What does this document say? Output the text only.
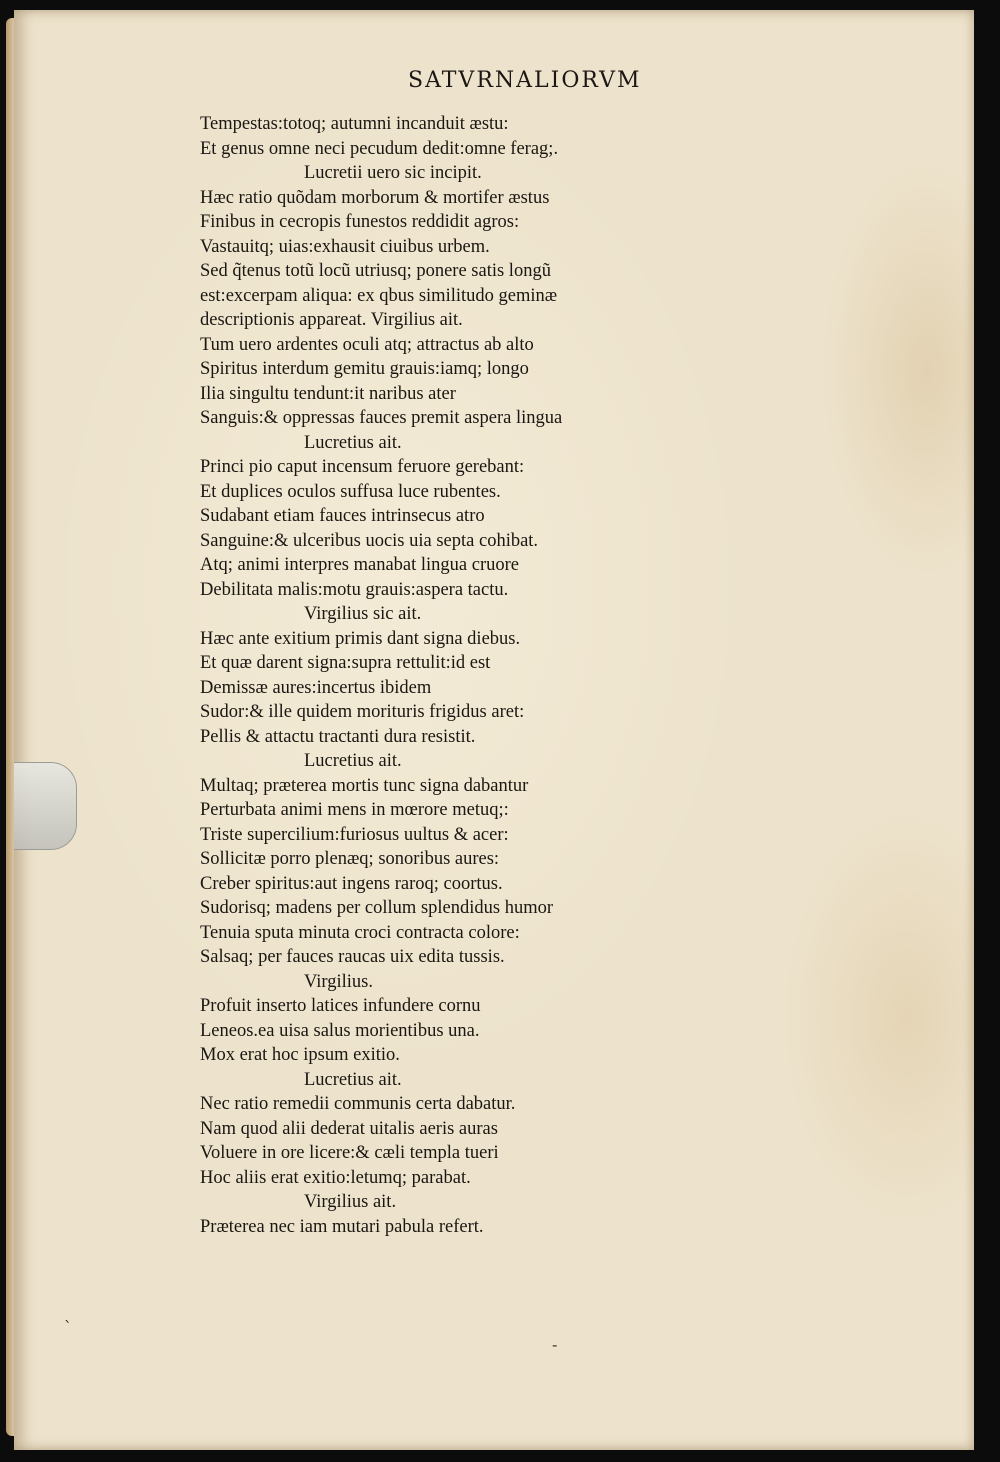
SATVRNALIORVM
Tempestas:totoq; autumni incanduit æstu:
Et genus omne neci pecudum dedit:omne ferag;.
Lucretii uero sic incipit.
Hæc ratio quõdam morborum & mortifer æstus
Finibus in cecropis funestos reddidit agros:
Vastauitq; uias:exhausit ciuibus urbem.
Sed q̃tenus totũ locũ utriusq; ponere satis longũ
est:excerpam aliqua: ex qbus similitudo geminæ
descriptionis appareat. Virgilius ait.
Tum uero ardentes oculi atq; attractus ab alto
Spiritus interdum gemitu grauis:iamq; longo
Ilia singultu tendunt:it naribus ater
Sanguis:& oppressas fauces premit aspera lingua
Lucretius ait.
Princi pio caput incensum feruore gerebant:
Et duplices oculos suffusa luce rubentes.
Sudabant etiam fauces intrinsecus atro
Sanguine:& ulceribus uocis uia septa cohibat.
Atq; animi interpres manabat lingua cruore
Debilitata malis:motu grauis:aspera tactu.
Virgilius sic ait.
Hæc ante exitium primis dant signa diebus.
Et quæ darent signa:supra rettulit:id est
Demissæ aures:incertus ibidem
Sudor:& ille quidem morituris frigidus aret:
Pellis & attactu tractanti dura resistit.
Lucretius ait.
Multaq; præterea mortis tunc signa dabantur
Perturbata animi mens in mœrore metuq;:
Triste supercilium:furiosus uultus & acer:
Sollicitæ porro plenæq; sonoribus aures:
Creber spiritus:aut ingens raroq; coortus.
Sudorisq; madens per collum splendidus humor
Tenuia sputa minuta croci contracta colore:
Salsaq; per fauces raucas uix edita tussis.
Virgilius.
Profuit inserto latices infundere cornu
Leneos.ea uisa salus morientibus una.
Mox erat hoc ipsum exitio.
Lucretius ait.
Nec ratio remedii communis certa dabatur.
Nam quod alii dederat uitalis aeris auras
Voluere in ore licere:& cæli templa tueri
Hoc aliis erat exitio:letumq; parabat.
Virgilius ait.
Præterea nec iam mutari pabula refert.
ˋ
-
